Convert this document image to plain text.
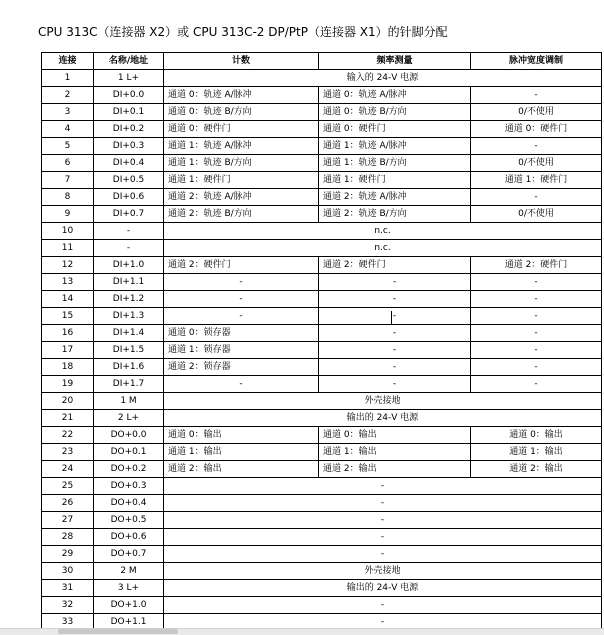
CPU 313C（连接器 X2）或 CPU 313C-2 DP/PtP（连接器 X1）的针脚分配
连接	名称/地址	计数	频率测量	脉冲宽度调制
1	1 L+	输入的 24-V 电源		
2	DI+0.0	通道 0：轨迹 A/脉冲	通道 0：轨迹 A/脉冲	-
3	DI+0.1	通道 0：轨迹 B/方向	通道 0：轨迹 B/方向	0/不使用
4	DI+0.2	通道 0：硬件门	通道 0：硬件门	通道 0：硬件门
5	DI+0.3	通道 1：轨迹 A/脉冲	通道 1：轨迹 A/脉冲	-
6	DI+0.4	通道 1：轨迹 B/方向	通道 1：轨迹 B/方向	0/不使用
7	DI+0.5	通道 1：硬件门	通道 1：硬件门	通道 1：硬件门
8	DI+0.6	通道 2：轨迹 A/脉冲	通道 2：轨迹 A/脉冲	-
9	DI+0.7	通道 2：轨迹 B/方向	通道 2：轨迹 B/方向	0/不使用
10	-	n.c.		
11	-	n.c.		
12	DI+1.0	通道 2：硬件门	通道 2：硬件门	通道 2：硬件门
13	DI+1.1	-	-	-
14	DI+1.2	-	-	-
15	DI+1.3	-	-	-
16	DI+1.4	通道 0：锁存器	-	-
17	DI+1.5	通道 1：锁存器	-	-
18	DI+1.6	通道 2：锁存器	-	-
19	DI+1.7	-	-	-
20	1 M	外壳接地		
21	2 L+	输出的 24-V 电源		
22	DO+0.0	通道 0：输出	通道 0：输出	通道 0：输出
23	DO+0.1	通道 1：输出	通道 1：输出	通道 1：输出
24	DO+0.2	通道 2：输出	通道 2：输出	通道 2：输出
25	DO+0.3	-		
26	DO+0.4	-		
27	DO+0.5	-		
28	DO+0.6	-		
29	DO+0.7	-		
30	2 M	外壳接地		
31	3 L+	输出的 24-V 电源		
32	DO+1.0	-		
33	DO+1.1	-		
